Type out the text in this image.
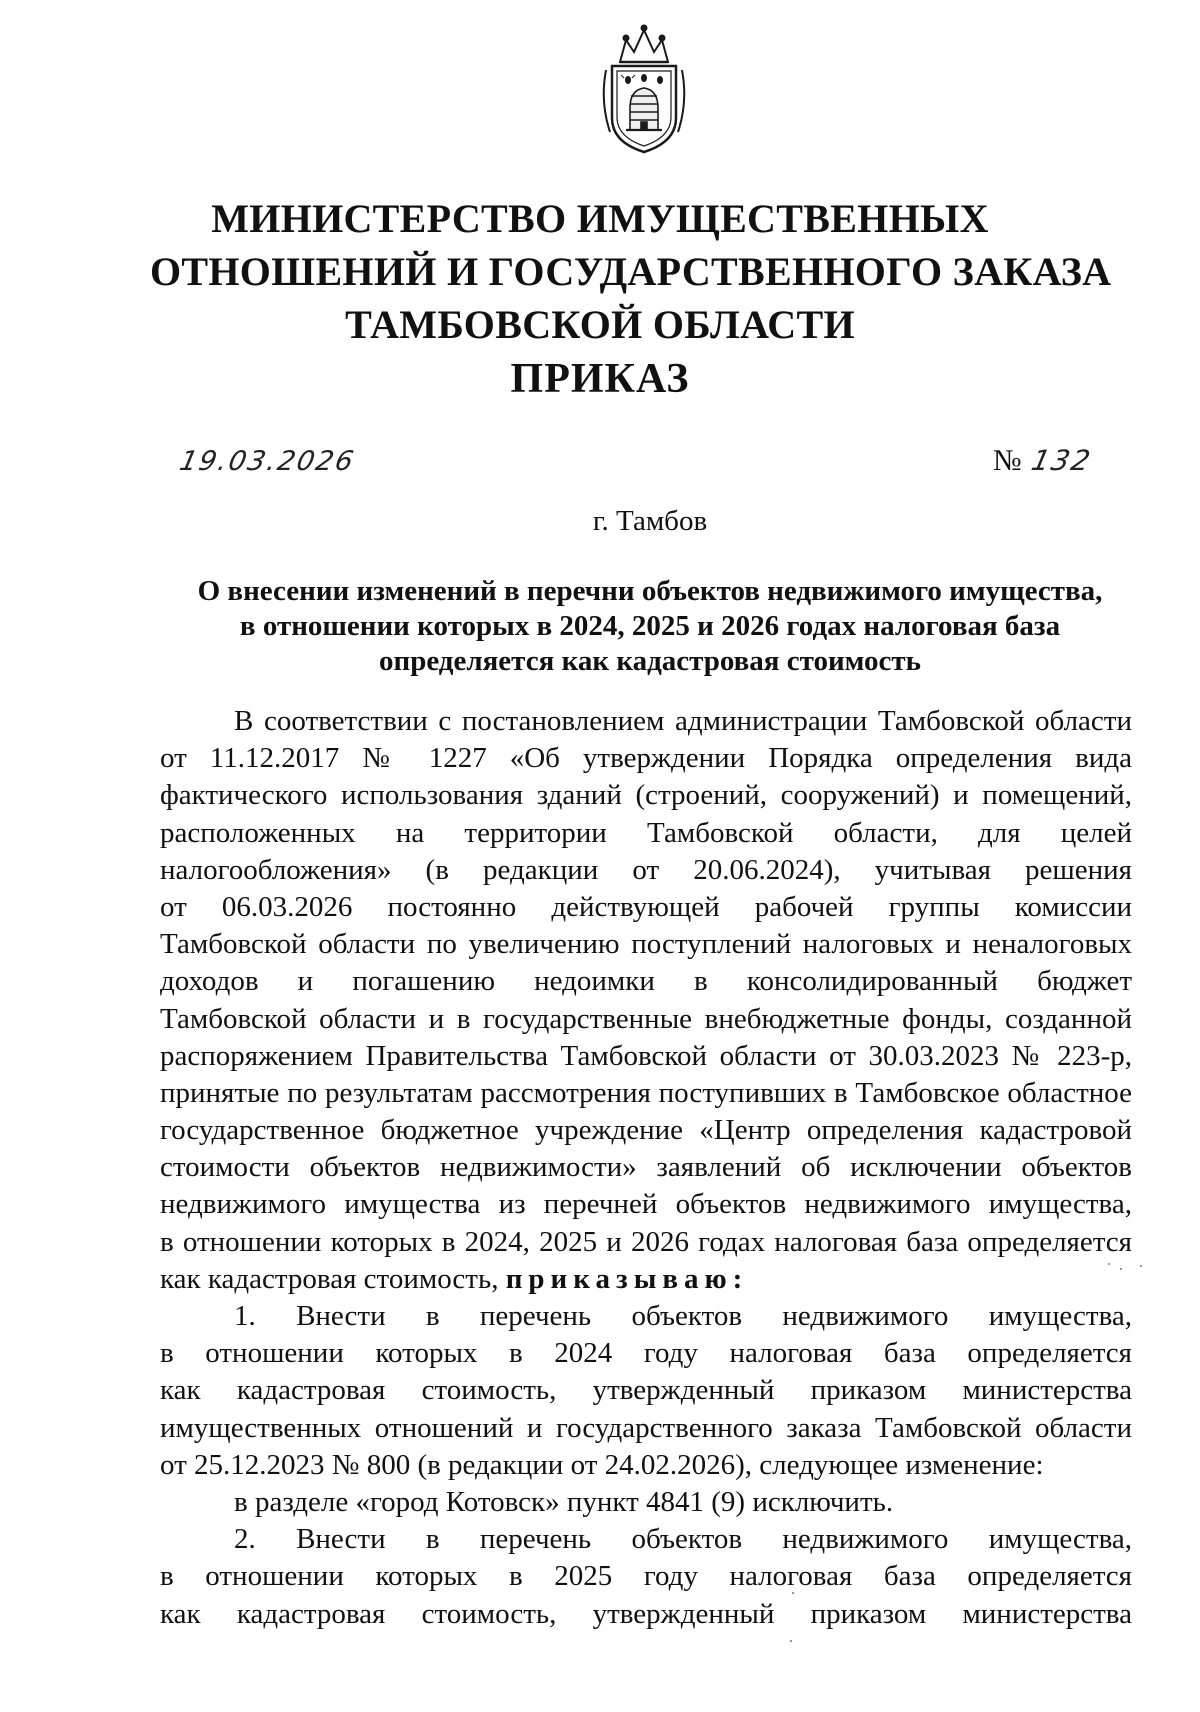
МИНИСТЕРСТВО ИМУЩЕСТВЕННЫХ
ОТНОШЕНИЙ И ГОСУДАРСТВЕННОГО ЗАКАЗА
ТАМБОВСКОЙ ОБЛАСТИ
ПРИКАЗ
19.03.2026	№ 132
г. Тамбов
О внесении изменений в перечни объектов недвижимого имущества,
в отношении которых в 2024, 2025 и 2026 годах налоговая база
определяется как кадастровая стоимость
В соответствии с постановлением администрации Тамбовской области
от 11.12.2017 № 1227 «Об утверждении Порядка определения вида
фактического использования зданий (строений, сооружений) и помещений,
расположенных на территории Тамбовской области, для целей
налогообложения» (в редакции от 20.06.2024), учитывая решения
от 06.03.2026 постоянно действующей рабочей группы комиссии
Тамбовской области по увеличению поступлений налоговых и неналоговых
доходов и погашению недоимки в консолидированный бюджет
Тамбовской области и в государственные внебюджетные фонды, созданной
распоряжением Правительства Тамбовской области от 30.03.2023 № 223-р,
принятые по результатам рассмотрения поступивших в Тамбовское областное
государственное бюджетное учреждение «Центр определения кадастровой
стоимости объектов недвижимости» заявлений об исключении объектов
недвижимого имущества из перечней объектов недвижимого имущества,
в отношении которых в 2024, 2025 и 2026 годах налоговая база определяется
как кадастровая стоимость, приказываю:
1. Внести в перечень объектов недвижимого имущества,
в отношении которых в 2024 году налоговая база определяется
как кадастровая стоимость, утвержденный приказом министерства
имущественных отношений и государственного заказа Тамбовской области
от 25.12.2023 № 800 (в редакции от 24.02.2026), следующее изменение:
в разделе «город Котовск» пункт 4841 (9) исключить.
2. Внести в перечень объектов недвижимого имущества,
в отношении которых в 2025 году налоговая база определяется
как кадастровая стоимость, утвержденный приказом министерства
